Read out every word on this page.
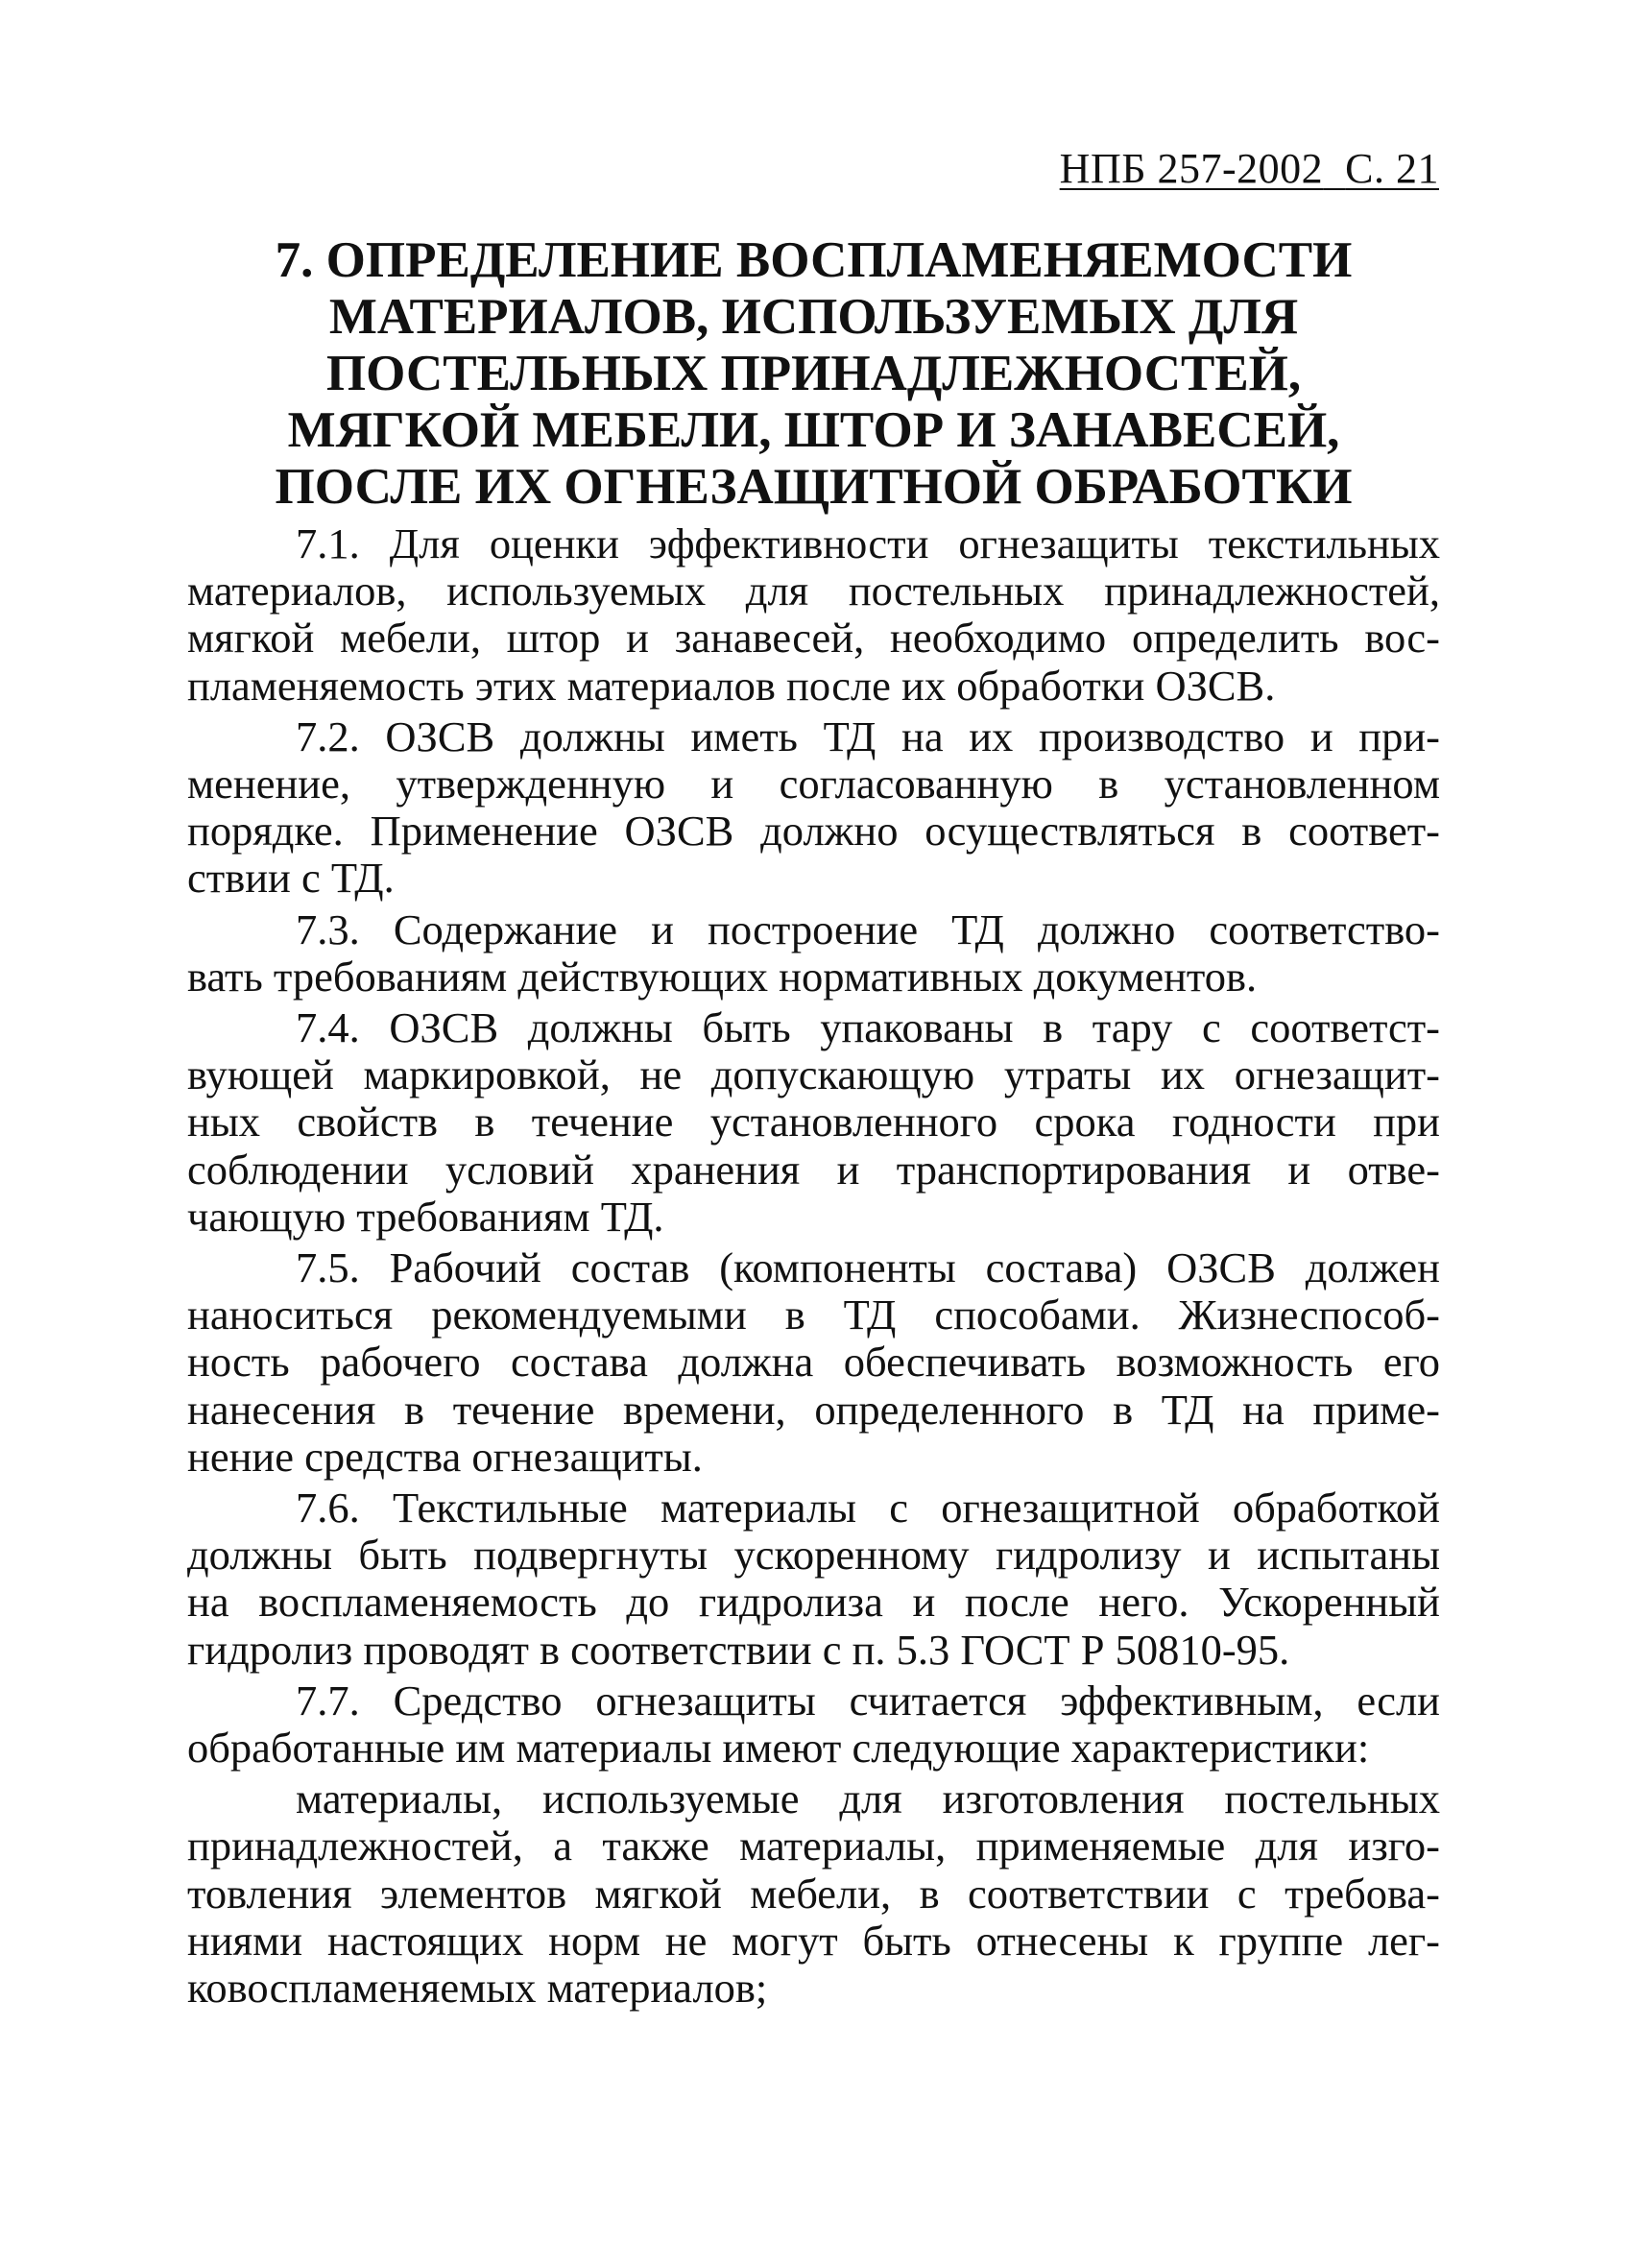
НПБ 257-2002 С. 21
7. ОПРЕДЕЛЕНИЕ ВОСПЛАМЕНЯЕМОСТИ
МАТЕРИАЛОВ, ИСПОЛЬЗУЕМЫХ ДЛЯ
ПОСТЕЛЬНЫХ ПРИНАДЛЕЖНОСТЕЙ,
МЯГКОЙ МЕБЕЛИ, ШТОР И ЗАНАВЕСЕЙ,
ПОСЛЕ ИХ ОГНЕЗАЩИТНОЙ ОБРАБОТКИ

7.1. Для оценки эффективности огнезащиты текстильных
материалов, используемых для постельных принадлежностей,
мягкой мебели, штор и занавесей, необходимо определить вос-
пламеняемость этих материалов после их обработки ОЗСВ.

7.2. ОЗСВ должны иметь ТД на их производство и при-
менение, утвержденную и согласованную в установленном
порядке. Применение ОЗСВ должно осуществляться в соответ-
ствии с ТД.

7.3. Содержание и построение ТД должно соответство-
вать требованиям действующих нормативных документов.

7.4. ОЗСВ должны быть упакованы в тару с соответст-
вующей маркировкой, не допускающую утраты их огнезащит-
ных свойств в течение установленного срока годности при
соблюдении условий хранения и транспортирования и отве-
чающую требованиям ТД.

7.5. Рабочий состав (компоненты состава) ОЗСВ должен
наноситься рекомендуемыми в ТД способами. Жизнеспособ-
ность рабочего состава должна обеспечивать возможность его
нанесения в течение времени, определенного в ТД на приме-
нение средства огнезащиты.

7.6. Текстильные материалы с огнезащитной обработкой
должны быть подвергнуты ускоренному гидролизу и испытаны
на воспламеняемость до гидролиза и после него. Ускоренный
гидролиз проводят в соответствии с п. 5.3 ГОСТ Р 50810-95.

7.7. Средство огнезащиты считается эффективным, если
обработанные им материалы имеют следующие характеристики:

материалы, используемые для изготовления постельных
принадлежностей, а также материалы, применяемые для изго-
товления элементов мягкой мебели, в соответствии с требова-
ниями настоящих норм не могут быть отнесены к группе лег-
ковоспламеняемых материалов;
